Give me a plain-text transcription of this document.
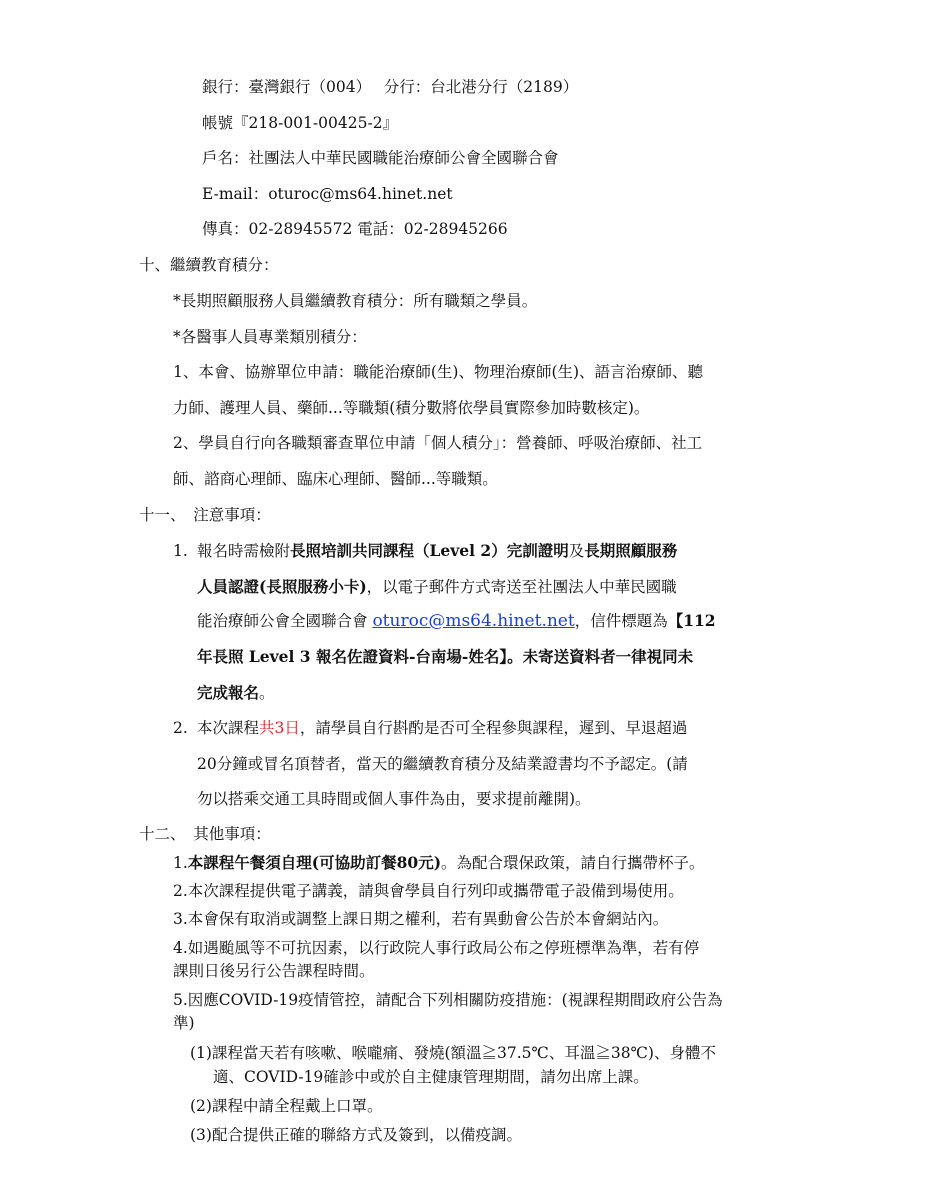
銀行：臺灣銀行（004）　 分行：台北港分行（2189）
帳號『218-001-00425-2』
戶名：社團法人中華民國職能治療師公會全國聯合會
E-mail：oturoc@ms64.hinet.net
傳真：02-28945572 電話：02-28945266
十、繼續教育積分：
*長期照顧服務人員繼續教育積分：所有職類之學員。
*各醫事人員專業類別積分：
1、本會、協辦單位申請：職能治療師(生)、物理治療師(生)、語言治療師、聽
力師、護理人員、藥師...等職類(積分數將依學員實際參加時數核定)。
2、學員自行向各職類審查單位申請「個人積分」：營養師、呼吸治療師、社工
師、諮商心理師、臨床心理師、醫師...等職類。
十一、　注意事項：
1. 報名時需檢附長照培訓共同課程（Level 2）完訓證明及長期照顧服務
人員認證(長照服務小卡)，以電子郵件方式寄送至社團法人中華民國職
能治療師公會全國聯合會 oturoc@ms64.hinet.net，信件標題為【112
年長照 Level 3 報名佐證資料-台南場-姓名】。未寄送資料者一律視同未
完成報名。
2. 本次課程共3日，請學員自行斟酌是否可全程參與課程，遲到、早退超過
20分鐘或冒名頂替者，當天的繼續教育積分及結業證書均不予認定。(請
勿以搭乘交通工具時間或個人事件為由，要求提前離開)。
十二、　其他事項：
1.本課程午餐須自理(可協助訂餐80元)。為配合環保政策，請自行攜帶杯子。
2.本次課程提供電子講義，請與會學員自行列印或攜帶電子設備到場使用。
3.本會保有取消或調整上課日期之權利，若有異動會公告於本會網站內。
4.如遇颱風等不可抗因素，以行政院人事行政局公布之停班標準為準，若有停
課則日後另行公告課程時間。
5.因應COVID-19疫情管控，請配合下列相關防疫措施：(視課程期間政府公告為
準)
(1)課程當天若有咳嗽、喉嚨痛、發燒(額溫≧37.5℃、耳溫≧38℃)、身體不
適、COVID-19確診中或於自主健康管理期間，請勿出席上課。
(2)課程中請全程戴上口罩。
(3)配合提供正確的聯絡方式及簽到，以備疫調。
